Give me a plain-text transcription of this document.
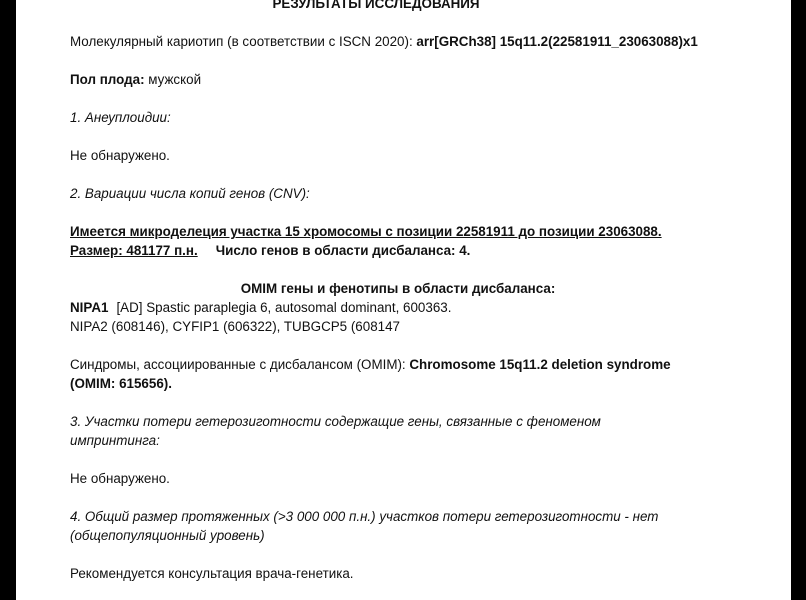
РЕЗУЛЬТАТЫ ИССЛЕДОВАНИЯ

Молекулярный кариотип (в соответствии с ISCN 2020): arr[GRCh38] 15q11.2(22581911_23063088)x1

Пол плода: мужской

1. Анеуплоидии:

Не обнаружено.

2. Вариации числа копий генов (CNV):

Имеется микроделеция участка 15 хромосомы с позиции 22581911 до позиции 23063088.

Размер: 481177 п.н. Число генов в области дисбаланса: 4.

OMIM гены и фенотипы в области дисбаланса:

NIPA1 [AD] Spastic paraplegia 6, autosomal dominant, 600363.

NIPA2 (608146), CYFIP1 (606322), TUBGCP5 (608147

Синдромы, ассоциированные с дисбалансом (OMIM): Chromosome 15q11.2 deletion syndrome

(OMIM: 615656).

3. Участки потери гетерозиготности содержащие гены, связанные с феноменом

импринтинга:

Не обнаружено.

4. Общий размер протяженных (>3 000 000 п.н.) участков потери гетерозиготности - нет

(общепопуляционный уровень)

Рекомендуется консультация врача-генетика.
